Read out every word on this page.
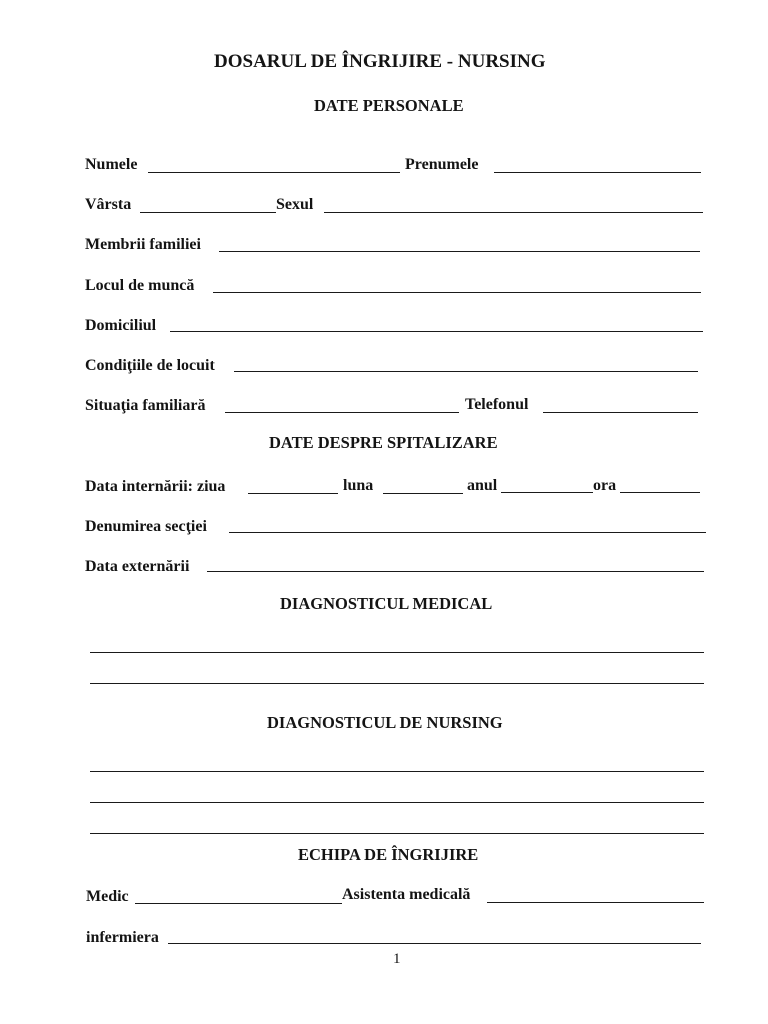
DOSARUL DE ÎNGRIJIRE - NURSING
DATE PERSONALE
Numele	Prenumele
Vârsta	Sexul
Membrii familiei
Locul de muncă
Domiciliul
Condiţiile de locuit
Situaţia familiară	Telefonul
DATE DESPRE SPITALIZARE
Data internării: ziua	luna	anul	ora
Denumirea secţiei
Data externării
DIAGNOSTICUL MEDICAL
DIAGNOSTICUL DE NURSING
ECHIPA DE ÎNGRIJIRE
Medic	Asistenta medicală
infermiera
1
